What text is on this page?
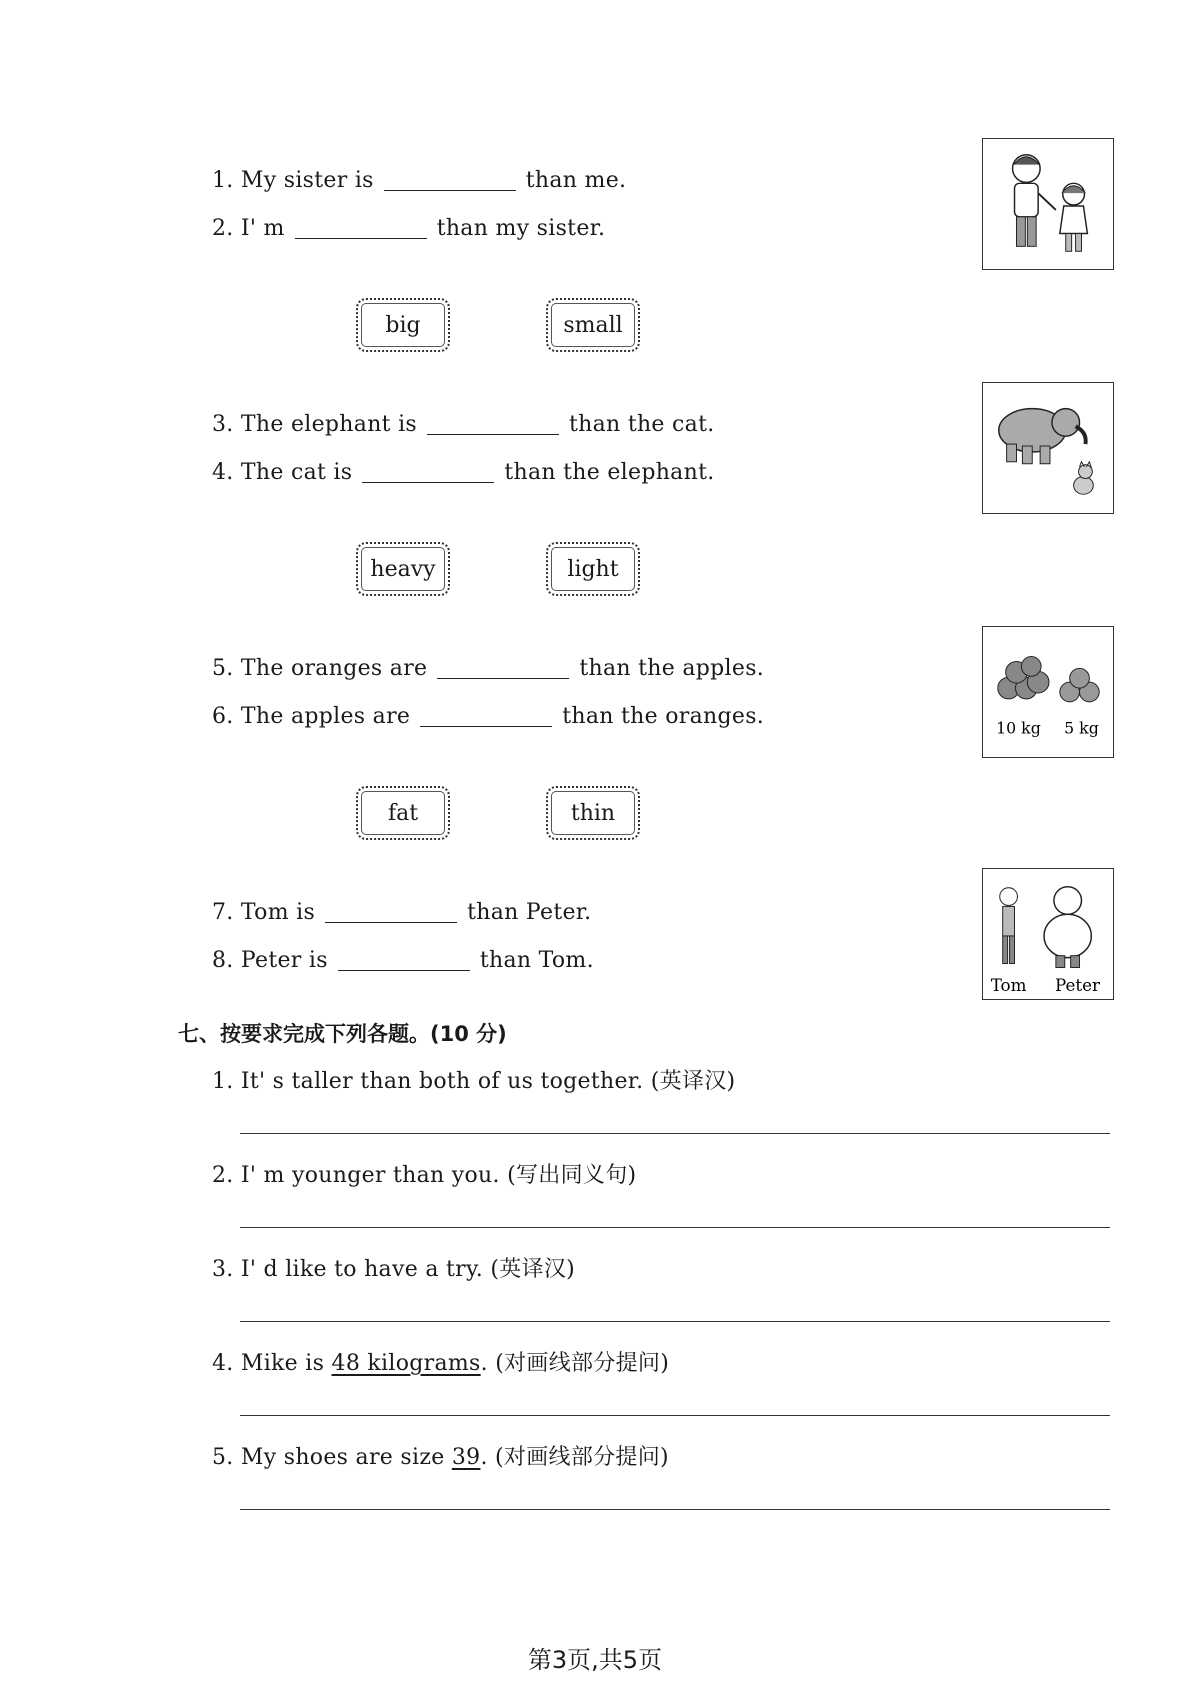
1. My sister is	than me.
2. I' m	than my sister.
big	small
3. The elephant is	than the cat.
4. The cat is	than the elephant.
heavy	light
5. The oranges are	than the apples.
6. The apples are	than the oranges.
fat	thin
7. Tom is	than Peter.
8. Peter is	than Tom.
10 kg 5 kg
Tom Peter
七、按要求完成下列各题。(10 分)
1. It' s taller than both of us together. (英译汉)
2. I' m younger than you. (写出同义句)
3. I' d like to have a try. (英译汉)
4. Mike is 48 kilograms. (对画线部分提问)
5. My shoes are size 39. (对画线部分提问)
第3页,共5页
